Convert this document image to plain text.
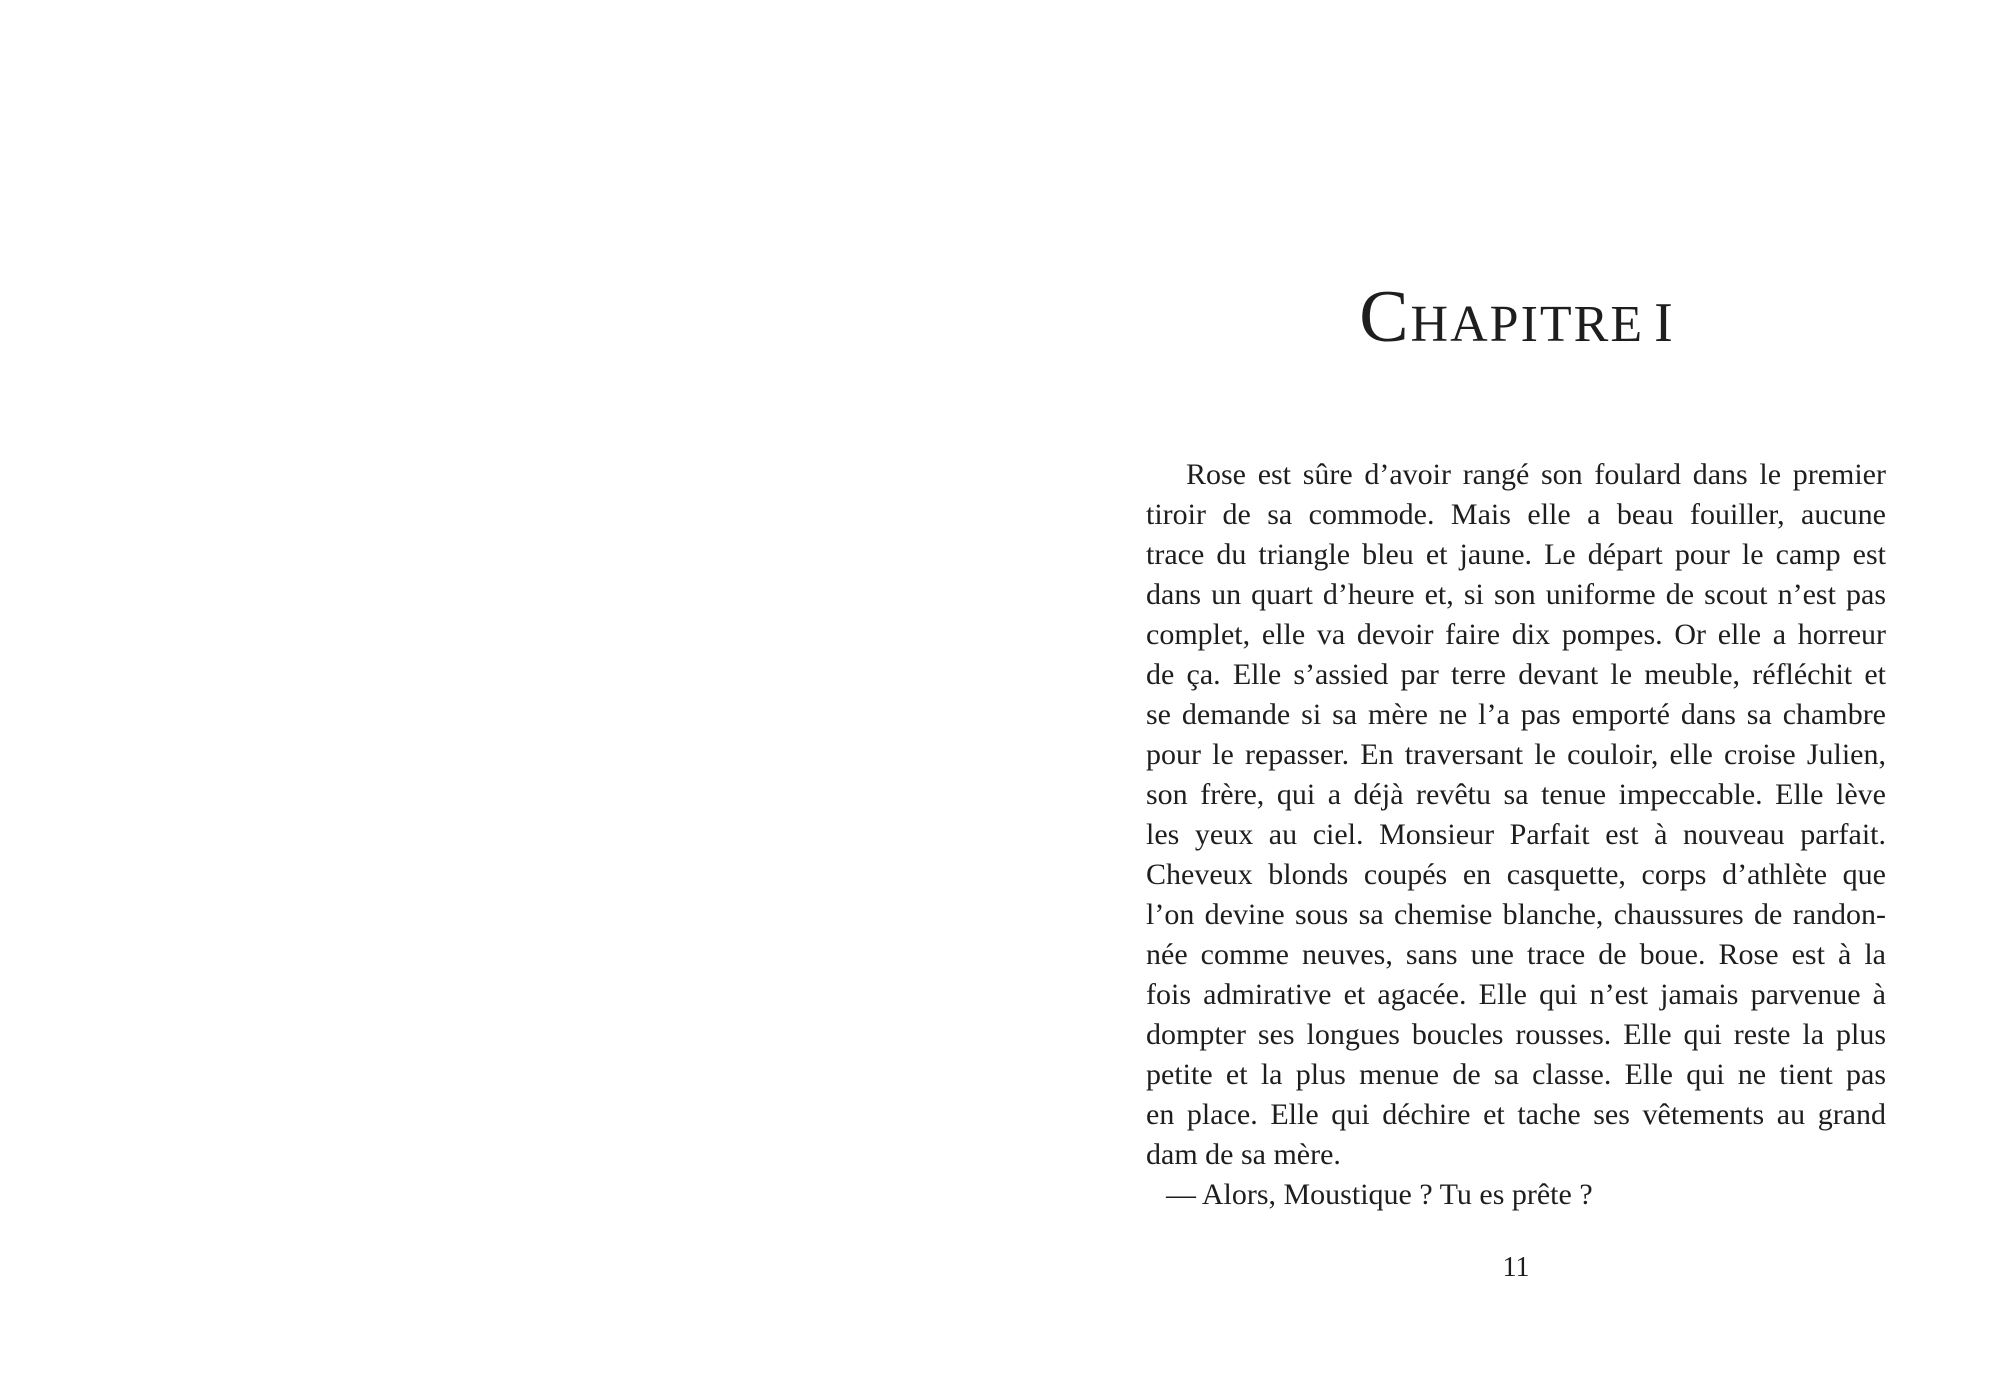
Chapitre I
Rose est sûre d’avoir rangé son foulard dans le premier
tiroir de sa commode. Mais elle a beau fouiller, aucune
trace du triangle bleu et jaune. Le départ pour le camp est
dans un quart d’heure et, si son uniforme de scout n’est pas
complet, elle va devoir faire dix pompes. Or elle a horreur
de ça. Elle s’assied par terre devant le meuble, réfléchit et
se demande si sa mère ne l’a pas emporté dans sa chambre
pour le repasser. En traversant le couloir, elle croise Julien,
son frère, qui a déjà revêtu sa tenue impeccable. Elle lève
les yeux au ciel. Monsieur Parfait est à nouveau parfait.
Cheveux blonds coupés en casquette, corps d’athlète que
l’on devine sous sa chemise blanche, chaussures de randon-
née comme neuves, sans une trace de boue. Rose est à la
fois admirative et agacée. Elle qui n’est jamais parvenue à
dompter ses longues boucles rousses. Elle qui reste la plus
petite et la plus menue de sa classe. Elle qui ne tient pas
en place. Elle qui déchire et tache ses vêtements au grand
dam de sa mère.
— Alors, Moustique ? Tu es prête ?
11
